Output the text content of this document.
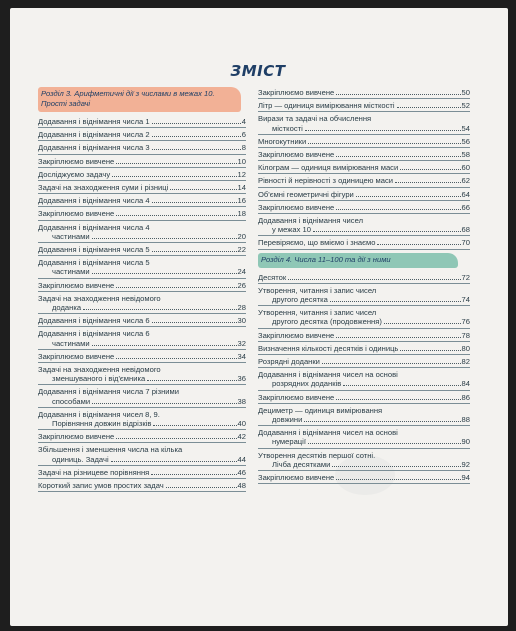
ЗМІСТ
Розділ 3. Арифметичні дії з числами в межах 10. Прості задачі
Додавання і віднімання числа 1	4
Додавання і віднімання числа 2	6
Додавання і віднімання числа 3	8
Закріплюємо вивчене	10
Досліджуємо задачу	12
Задачі на знаходження суми і різниці	14
Додавання і віднімання числа 4	16
Закріплюємо вивчене	18
Додавання і віднімання числа 4
частинами	20
Додавання і віднімання числа 5	22
Додавання і віднімання числа 5
частинами	24
Закріплюємо вивчене	26
Задачі на знаходження невідомого
доданка	28
Додавання і віднімання числа 6	30
Додавання і віднімання числа 6
частинами	32
Закріплюємо вивчене	34
Задачі на знаходження невідомого
зменшуваного і від'ємника	36
Додавання і віднімання числа 7 різними
способами	38
Додавання і віднімання чисел 8, 9.
Порівняння довжин відрізків	40
Закріплюємо вивчене	42
Збільшення і зменшення числа на кілька
одиниць. Задачі	44
Задачі на різницеве порівняння	46
Короткий запис умов простих задач	48
Закріплюємо вивчене	50
Літр — одиниця вимірювання місткості	52
Вирази та задачі на обчислення
місткості	54
Многокутники	56
Закріплюємо вивчене	58
Кілограм — одиниця вимірювання маси	60
Рівності й нерівності з одиницею маси	62
Об'ємні геометричні фігури	64
Закріплюємо вивчене	66
Додавання і віднімання чисел
у межах 10	68
Перевіряємо, що вміємо і знаємо	70
Розділ 4. Числа 11–100 та дії з ними
Десяток	72
Утворення, читання і запис чисел
другого десятка	74
Утворення, читання і запис чисел
другого десятка (продовження)	76
Закріплюємо вивчене	78
Визначення кількості десятків і одиниць	80
Розрядні доданки	82
Додавання і віднімання чисел на основі
розрядних доданків	84
Закріплюємо вивчене	86
Дециметр — одиниця вимірювання
довжини	88
Додавання і віднімання чисел на основі
нумерації	90
Утворення десятків першої сотні.
Лічба десятками	92
Закріплюємо вивчене	94
